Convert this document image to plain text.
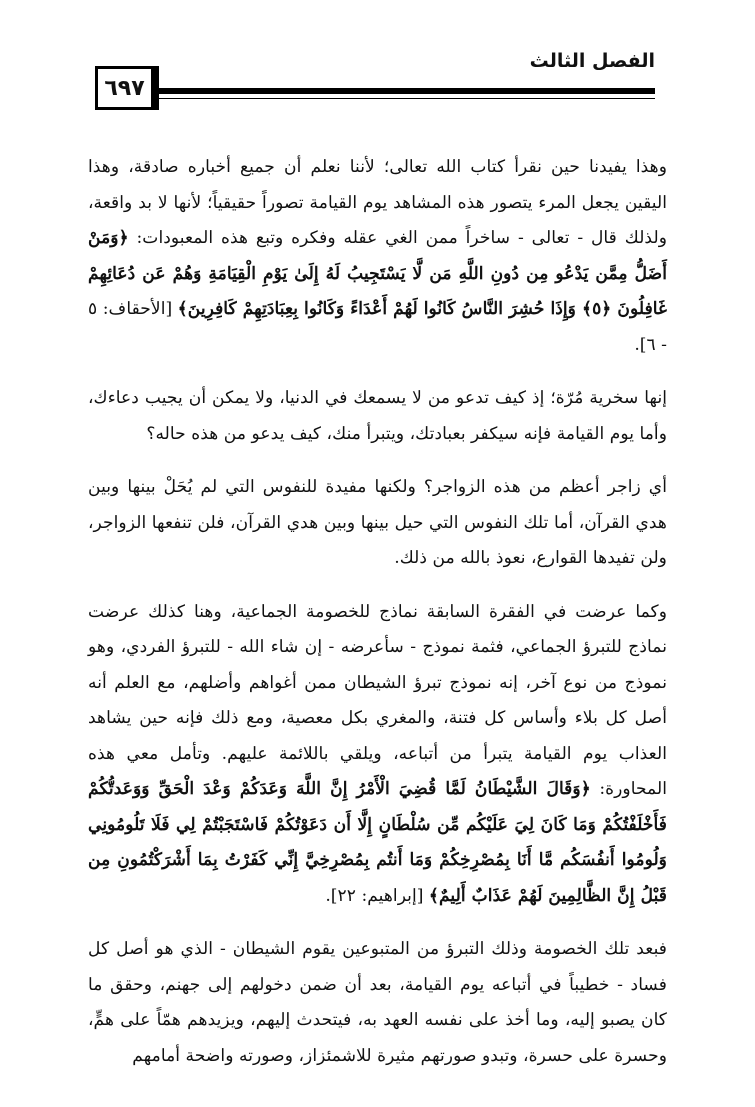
٦٩٧
الفصل الثالث

وهذا يفيدنا حين نقرأ كتاب الله تعالى؛ لأننا نعلم أن جميع أخباره صادقة، وهذا اليقين يجعل المرء يتصور هذه المشاهد يوم القيامة تصوراً حقيقياً؛ لأنها لا بد واقعة، ولذلك قال - تعالى - ساخراً ممن الغي عقله وفكره وتبع هذه المعبودات: ﴿وَمَنْ أَضَلُّ مِمَّن يَدْعُو مِن دُونِ اللَّهِ مَن لَّا يَسْتَجِيبُ لَهُ إِلَىٰ يَوْمِ الْقِيَامَةِ وَهُمْ عَن دُعَائِهِمْ غَافِلُونَ ﴿٥﴾ وَإِذَا حُشِرَ النَّاسُ كَانُوا لَهُمْ أَعْدَاءً وَكَانُوا بِعِبَادَتِهِمْ كَافِرِينَ﴾ [الأحقاف: ٥ - ٦].

إنها سخرية مُرّة؛ إذ كيف تدعو من لا يسمعك في الدنيا، ولا يمكن أن يجيب دعاءك، وأما يوم القيامة فإنه سيكفر بعبادتك، ويتبرأ منك، كيف يدعو من هذه حاله؟

أي زاجر أعظم من هذه الزواجر؟ ولكنها مفيدة للنفوس التي لم يُحَلْ بينها وبين هدي القرآن، أما تلك النفوس التي حيل بينها وبين هدي القرآن، فلن تنفعها الزواجر، ولن تفيدها القوارع، نعوذ بالله من ذلك.

وكما عرضت في الفقرة السابقة نماذج للخصومة الجماعية، وهنا كذلك عرضت نماذج للتبرؤ الجماعي، فثمة نموذج - سأعرضه - إن شاء الله - للتبرؤ الفردي، وهو نموذج من نوع آخر، إنه نموذج تبرؤ الشيطان ممن أغواهم وأضلهم، مع العلم أنه أصل كل بلاء وأساس كل فتنة، والمغري بكل معصية، ومع ذلك فإنه حين يشاهد العذاب يوم القيامة يتبرأ من أتباعه، ويلقي باللائمة عليهم. وتأمل معي هذه المحاورة: ﴿وَقَالَ الشَّيْطَانُ لَمَّا قُضِيَ الْأَمْرُ إِنَّ اللَّهَ وَعَدَكُمْ وَعْدَ الْحَقِّ وَوَعَدتُّكُمْ فَأَخْلَفْتُكُمْ وَمَا كَانَ لِيَ عَلَيْكُم مِّن سُلْطَانٍ إِلَّا أَن دَعَوْتُكُمْ فَاسْتَجَبْتُمْ لِي فَلَا تَلُومُونِي وَلُومُوا أَنفُسَكُم مَّا أَنَا بِمُصْرِخِكُمْ وَمَا أَنتُم بِمُصْرِخِيَّ إِنِّي كَفَرْتُ بِمَا أَشْرَكْتُمُونِ مِن قَبْلُ إِنَّ الظَّالِمِينَ لَهُمْ عَذَابٌ أَلِيمٌ﴾ [إبراهيم: ٢٢].

فبعد تلك الخصومة وذلك التبرؤ من المتبوعين يقوم الشيطان - الذي هو أصل كل فساد - خطيباً في أتباعه يوم القيامة، بعد أن ضمن دخولهم إلى جهنم، وحقق ما كان يصبو إليه، وما أخذ على نفسه العهد به، فيتحدث إليهم، ويزيدهم همّاً على همٍّ، وحسرة على حسرة، وتبدو صورتهم مثيرة للاشمئزاز، وصورته واضحة أمامهم
